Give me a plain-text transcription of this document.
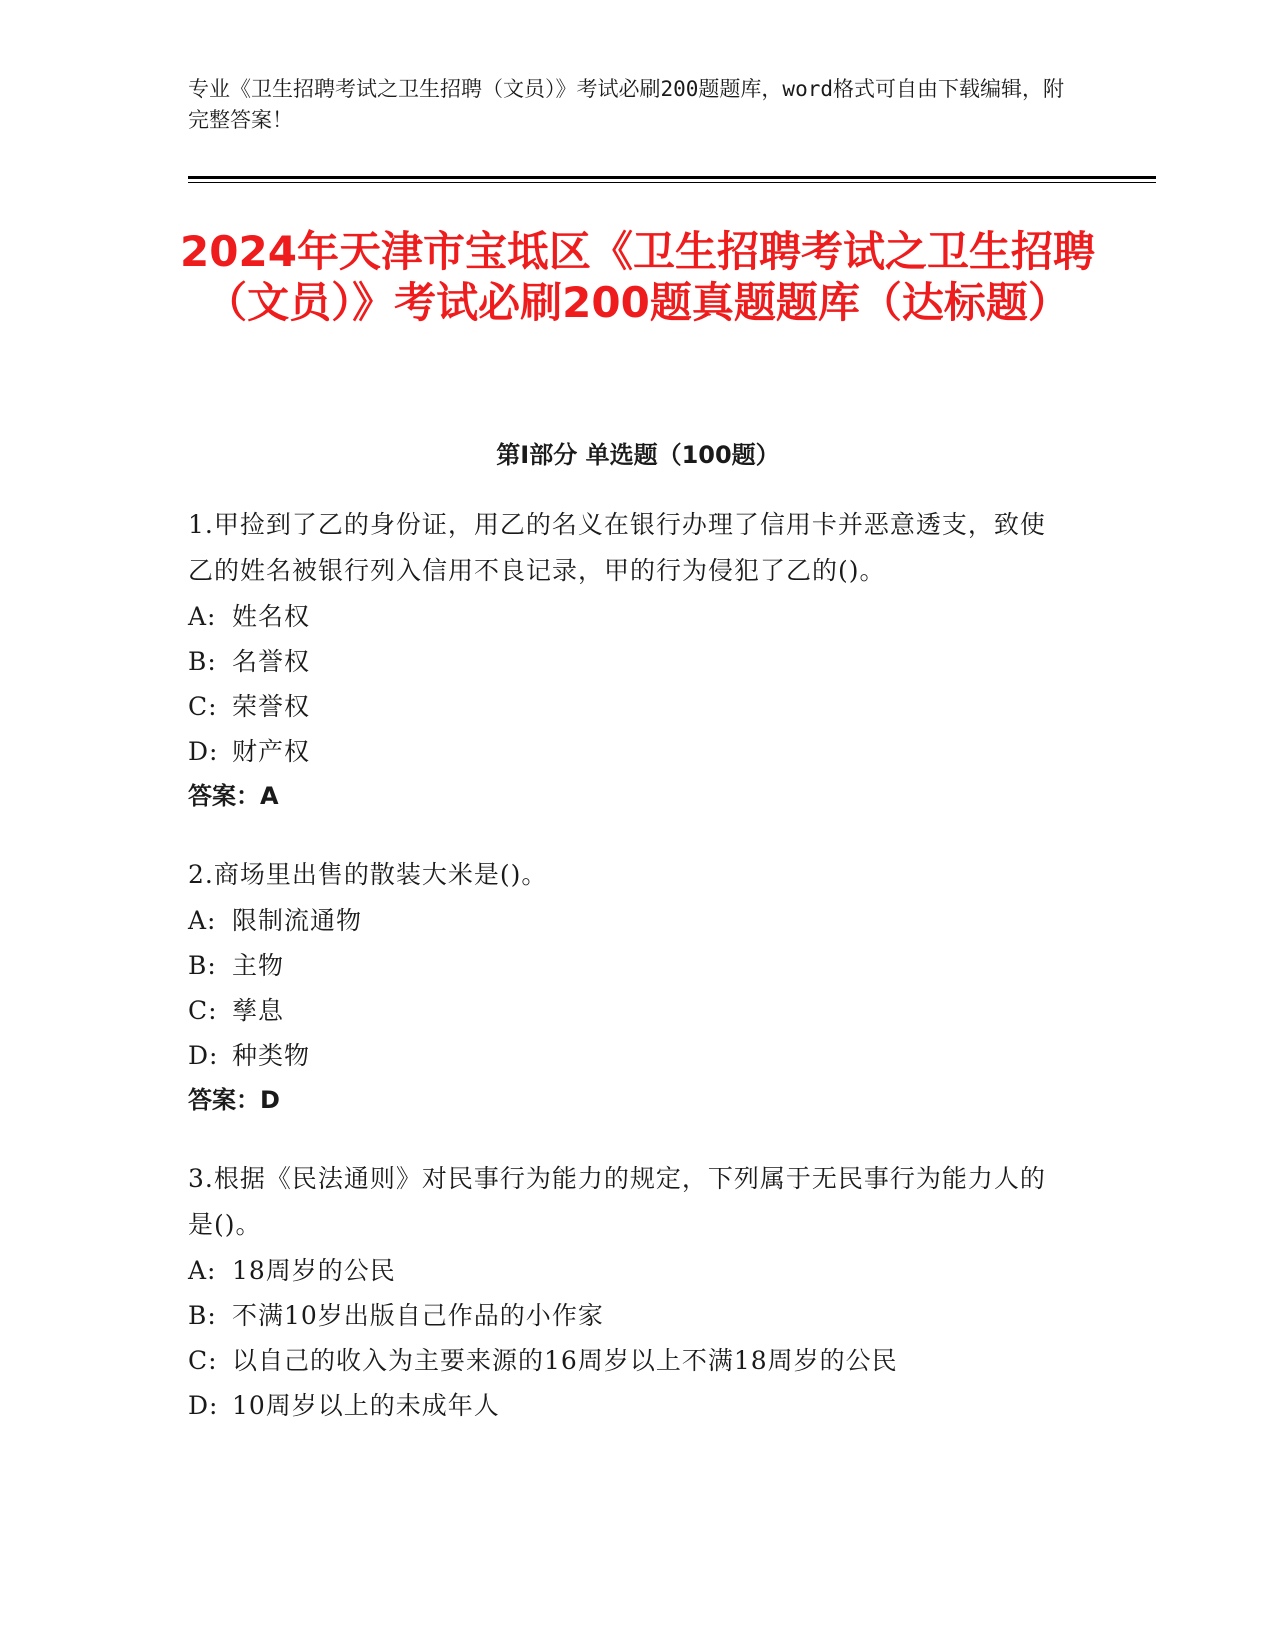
专业《卫生招聘考试之卫生招聘（文员）》考试必刷200题题库，word格式可自由下载编辑，附完整答案！
2024年天津市宝坻区《卫生招聘考试之卫生招聘（文员）》考试必刷200题真题题库（达标题）
第I部分 单选题（100题）
1.甲捡到了乙的身份证，用乙的名义在银行办理了信用卡并恶意透支，致使乙的姓名被银行列入信用不良记录，甲的行为侵犯了乙的()。
A: 姓名权
B: 名誉权
C: 荣誉权
D: 财产权
答案：A
2.商场里出售的散装大米是()。
A: 限制流通物
B: 主物
C: 孳息
D: 种类物
答案：D
3.根据《民法通则》对民事行为能力的规定，下列属于无民事行为能力人的是()。
A: 18周岁的公民
B: 不满10岁出版自己作品的小作家
C: 以自己的收入为主要来源的16周岁以上不满18周岁的公民
D: 10周岁以上的未成年人
